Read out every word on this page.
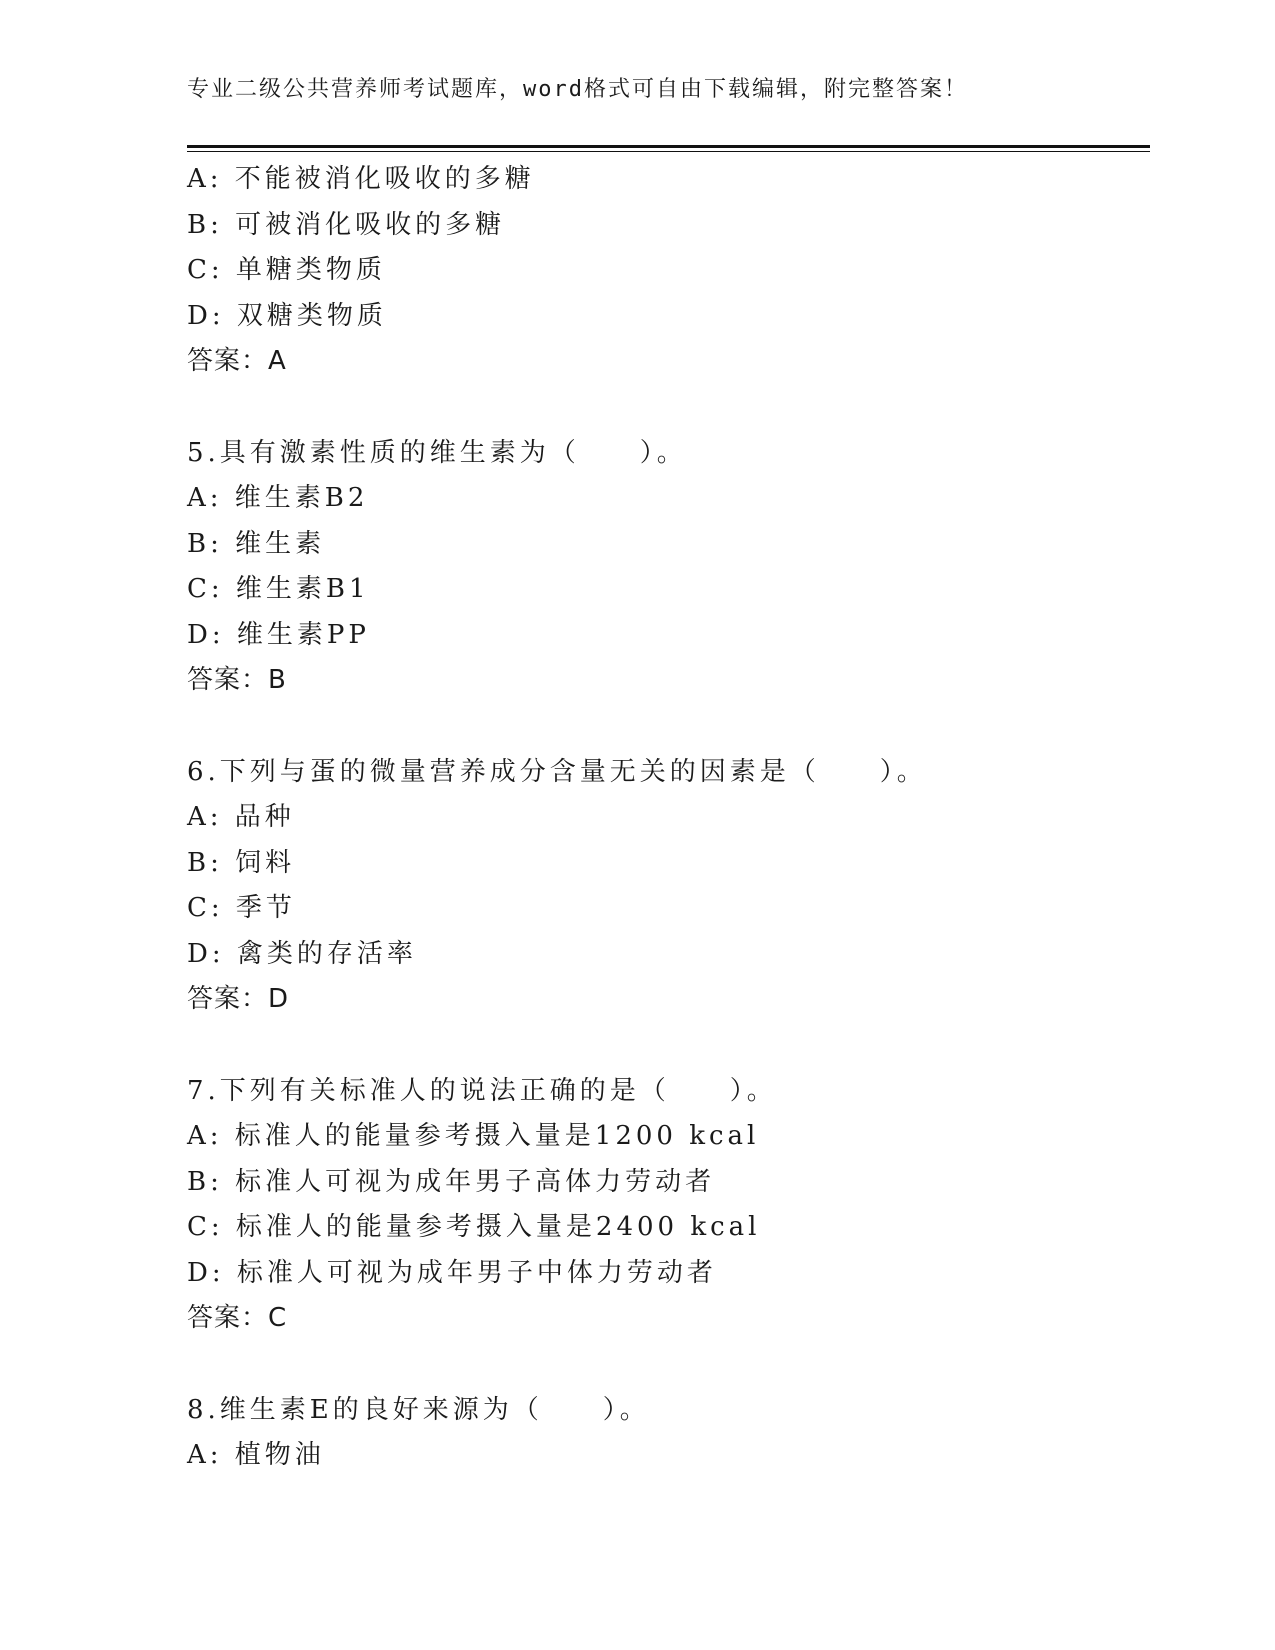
专业二级公共营养师考试题库，word格式可自由下载编辑，附完整答案！
A: 不能被消化吸收的多糖
B: 可被消化吸收的多糖
C: 单糖类物质
D: 双糖类物质
答案：A
5.具有激素性质的维生素为（　　）。
A: 维生素B2
B: 维生素
C: 维生素B1
D: 维生素PP
答案：B
6.下列与蛋的微量营养成分含量无关的因素是（　　）。
A: 品种
B: 饲料
C: 季节
D: 禽类的存活率
答案：D
7.下列有关标准人的说法正确的是（　　）。
A: 标准人的能量参考摄入量是1200 kcal
B: 标准人可视为成年男子高体力劳动者
C: 标准人的能量参考摄入量是2400 kcal
D: 标准人可视为成年男子中体力劳动者
答案：C
8.维生素E的良好来源为（　　）。
A: 植物油
